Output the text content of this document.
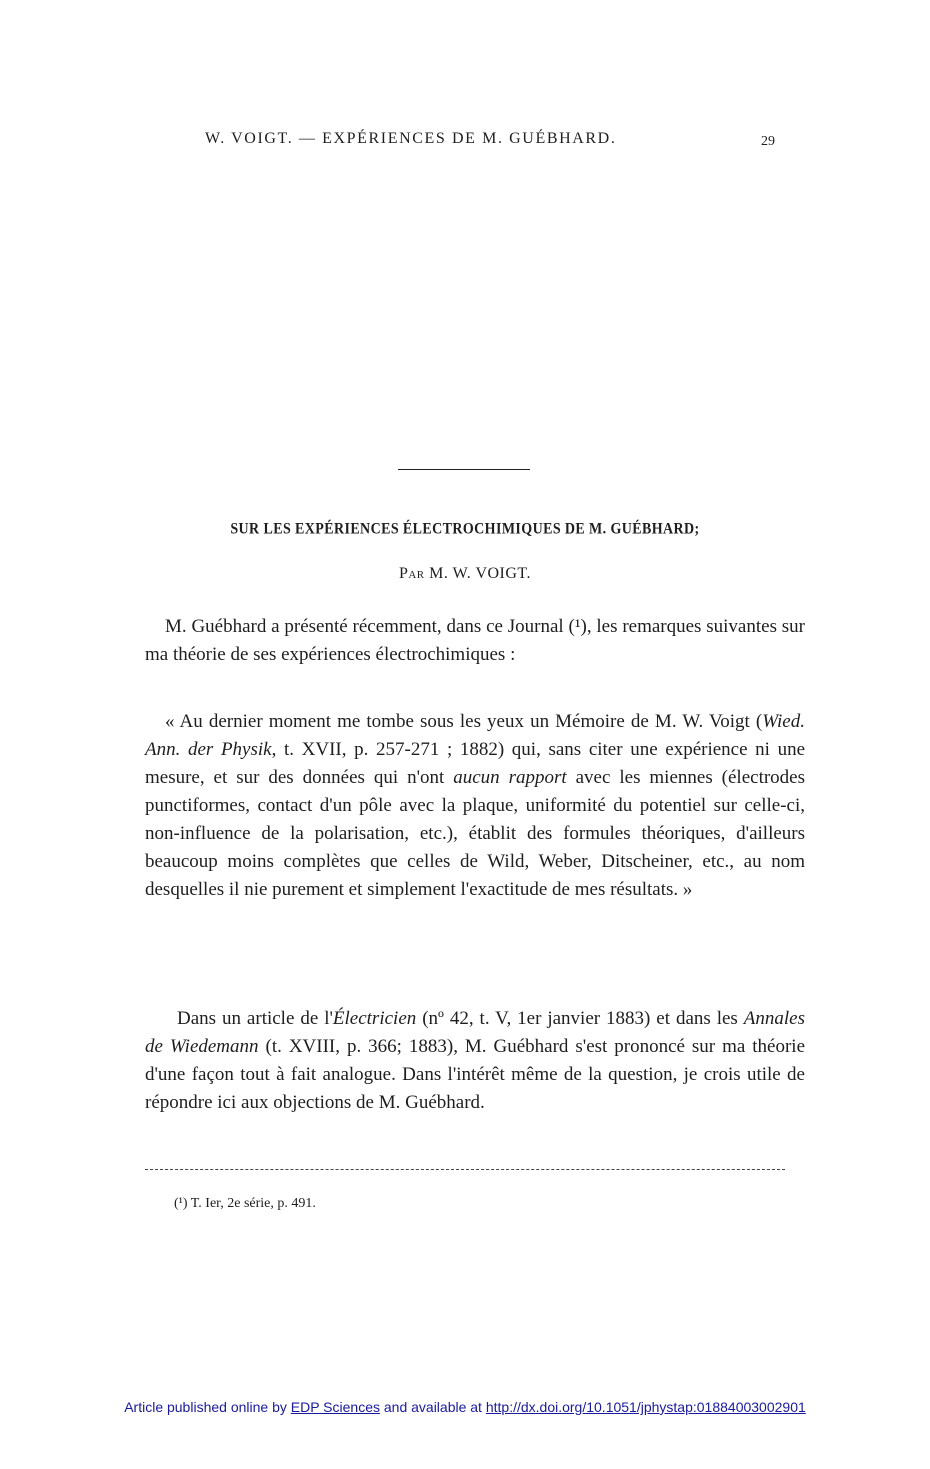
W. VOIGT. — EXPÉRIENCES DE M. GUÉBHARD.	29
SUR LES EXPÉRIENCES ÉLECTROCHIMIQUES DE M. GUÉBHARD;
Par M. W. VOIGT.

M. Guébhard a présenté récemment, dans ce Journal (¹), les remarques suivantes sur ma théorie de ses expériences électrochimiques :

« Au dernier moment me tombe sous les yeux un Mémoire de M. W. Voigt (Wied. Ann. der Physik, t. XVII, p. 257-271 ; 1882) qui, sans citer une expérience ni une mesure, et sur des données qui n'ont aucun rapport avec les miennes (électrodes punctiformes, contact d'un pôle avec la plaque, uniformité du potentiel sur celle-ci, non-influence de la polarisation, etc.), établit des formules théoriques, d'ailleurs beaucoup moins complètes que celles de Wild, Weber, Ditscheiner, etc., au nom desquelles il nie purement et simplement l'exactitude de mes résultats. »

Dans un article de l'Électricien (nº 42, t. V, 1er janvier 1883) et dans les Annales de Wiedemann (t. XVIII, p. 366; 1883), M. Guébhard s'est prononcé sur ma théorie d'une façon tout à fait analogue. Dans l'intérêt même de la question, je crois utile de répondre ici aux objections de M. Guébhard.

(¹) T. Ier, 2e série, p. 491.
Article published online by EDP Sciences and available at http://dx.doi.org/10.1051/jphystap:01884003002901
